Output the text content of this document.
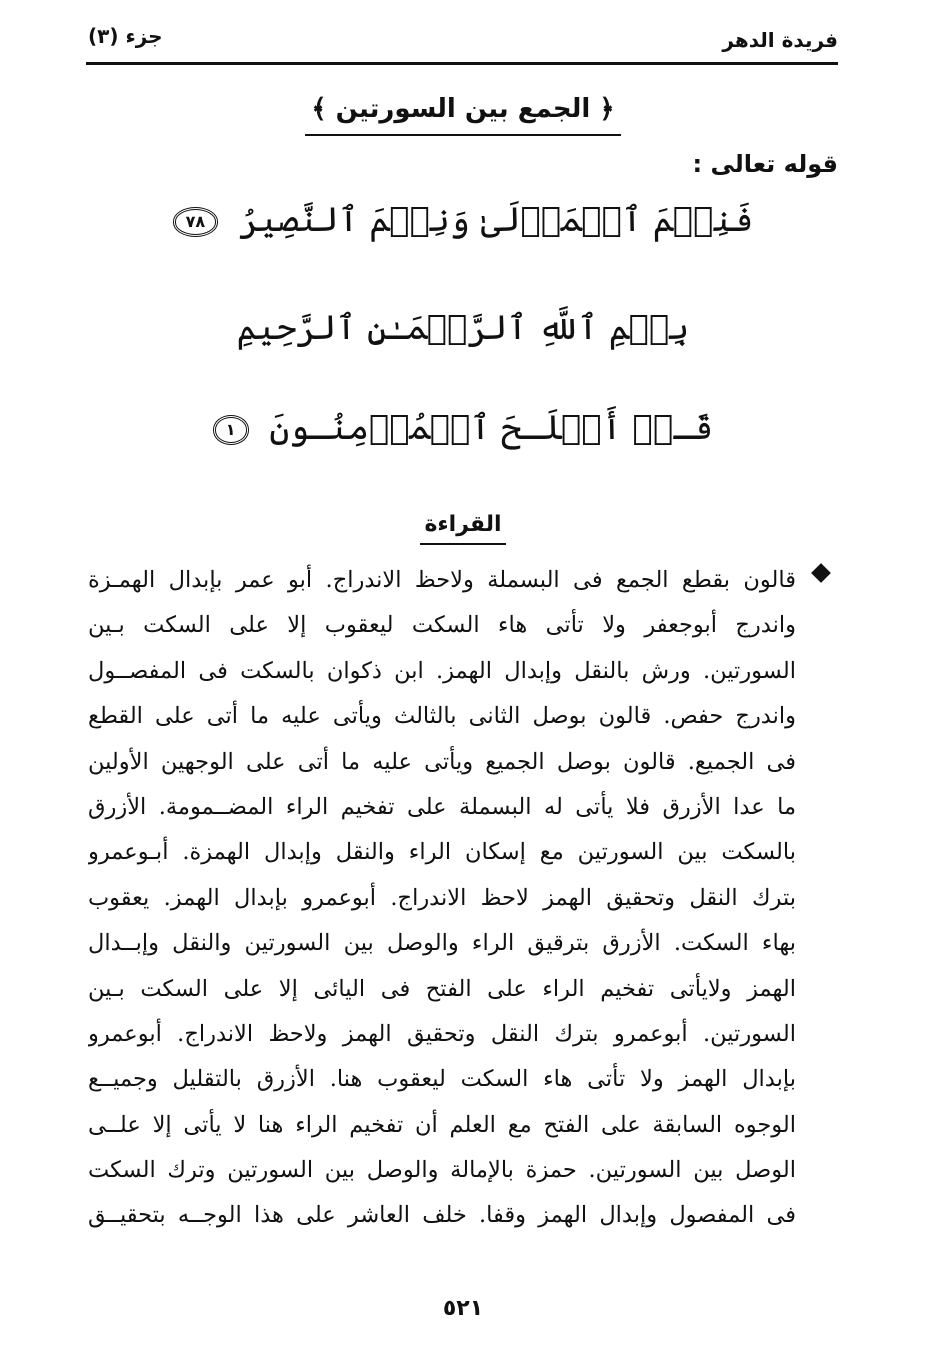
فريدة الدهر
جزء (٣)
﴿ الجمع بين السورتين ﴾
قوله تعالى :
فَنِعۡمَ ٱلۡمَوۡلَىٰ وَنِعۡمَ ٱلنَّصِيرُ ٧٨
بِسۡمِ ٱللَّهِ ٱلرَّحۡمَـٰنِ ٱلرَّحِيمِ
قَـدۡ أَفۡلَـحَ ٱلۡمُؤۡمِنُـونَ ١
القراءة
قالون بقطع الجمع فى البسملة ولاحظ الاندراج. أبو عمر بإبدال الهمـزة
واندرج أبوجعفر ولا تأتى هاء السكت ليعقوب إلا على السكت بـين
السورتين. ورش بالنقل وإبدال الهمز. ابن ذكوان بالسكت فى المفصــول
واندرج حفص. قالون بوصل الثانى بالثالث ويأتى عليه ما أتى على القطع
فى الجميع. قالون بوصل الجميع ويأتى عليه ما أتى على الوجهين الأولين
ما عدا الأزرق فلا يأتى له البسملة على تفخيم الراء المضــمومة. الأزرق
بالسكت بين السورتين مع إسكان الراء والنقل وإبدال الهمزة. أبـوعمرو
بترك النقل وتحقيق الهمز لاحظ الاندراج. أبوعمرو بإبدال الهمز. يعقوب
بهاء السكت. الأزرق بترقيق الراء والوصل بين السورتين والنقل وإبــدال
الهمز ولايأتى تفخيم الراء على الفتح فى اليائى إلا على السكت بـين
السورتين. أبوعمرو بترك النقل وتحقيق الهمز ولاحظ الاندراج. أبوعمرو
بإبدال الهمز ولا تأتى هاء السكت ليعقوب هنا. الأزرق بالتقليل وجميــع
الوجوه السابقة على الفتح مع العلم أن تفخيم الراء هنا لا يأتى إلا علــى
الوصل بين السورتين. حمزة بالإمالة والوصل بين السورتين وترك السكت
فى المفصول وإبدال الهمز وقفا. خلف العاشر على هذا الوجــه بتحقيــق
٥٢١
